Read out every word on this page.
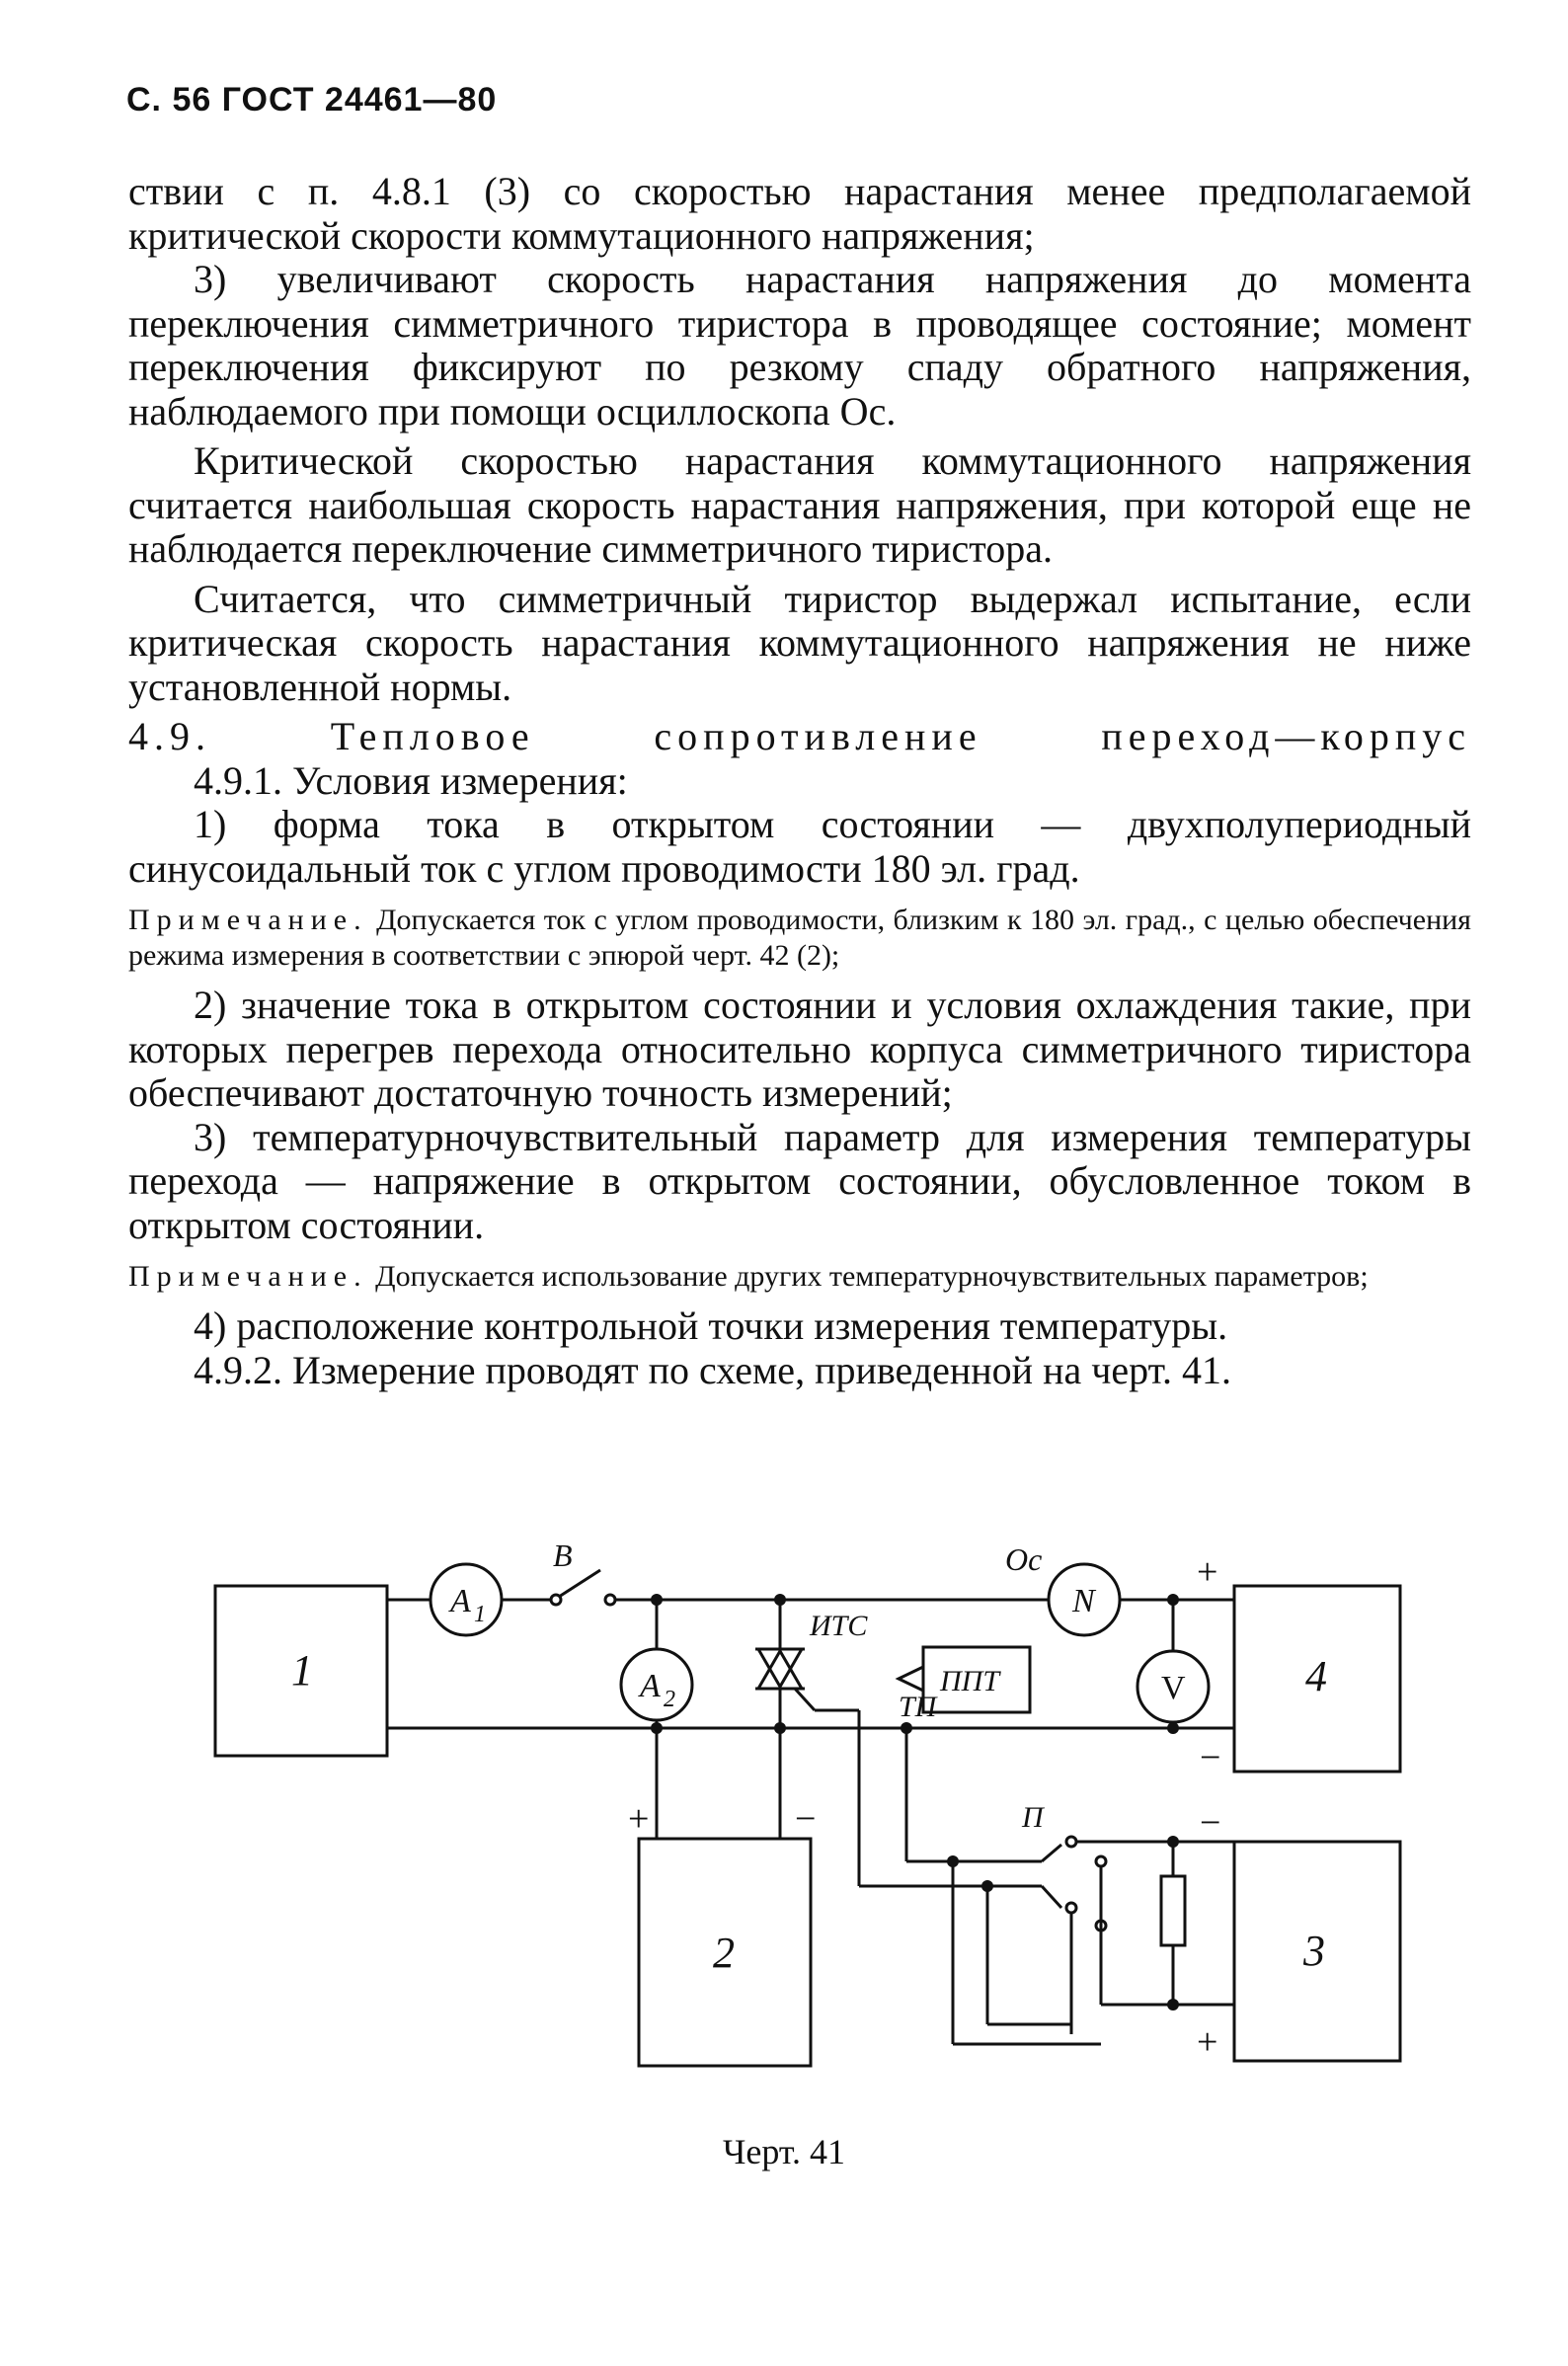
С. 56 ГОСТ 24461—80

ствии с п. 4.8.1 (3) со скоростью нарастания менее предполагаемой критической скорости коммутационного напряжения;

3) увеличивают скорость нарастания напряжения до момента переключения симметричного тиристора в проводящее состояние; момент переключения фиксируют по резкому спаду обратного напряжения, наблюдаемого при помощи осциллоскопа Ос.

Критической скоростью нарастания коммутационного напряжения считается наибольшая скорость нарастания напряжения, при которой еще не наблюдается переключение симметричного тиристора.

Считается, что симметричный тиристор выдержал испытание, если критическая скорость нарастания коммутационного напряжения не ниже установленной нормы.

4.9.	Тепловое	сопротивление	переход—корпус

4.9.1. Условия измерения:

1) форма тока в открытом состоянии — двухполупериодный синусоидальный ток с углом проводимости 180 эл. град.

Примечание. Допускается ток с углом проводимости, близким к 180 эл. град., с целью обеспечения режима измерения в соответствии с эпюрой черт. 42 (2);

2) значение тока в открытом состоянии и условия охлаждения такие, при которых перегрев перехода относительно корпуса симметричного тиристора обеспечивают достаточную точность измерений;

3) температурночувствительный параметр для измерения температуры перехода — напряжение в открытом состоянии, обусловленное током в открытом состоянии.

Примечание. Допускается использование других температурночувствительных параметров;

4) расположение контрольной точки измерения температуры.

4.9.2. Измерение проводят по схеме, приведенной на черт. 41.

1
2	3
4
A 1
A 2
В	Ос
N
V
ИТС
ППТ
ТП
П
+	−
+
−
−
+
Черт. 41
